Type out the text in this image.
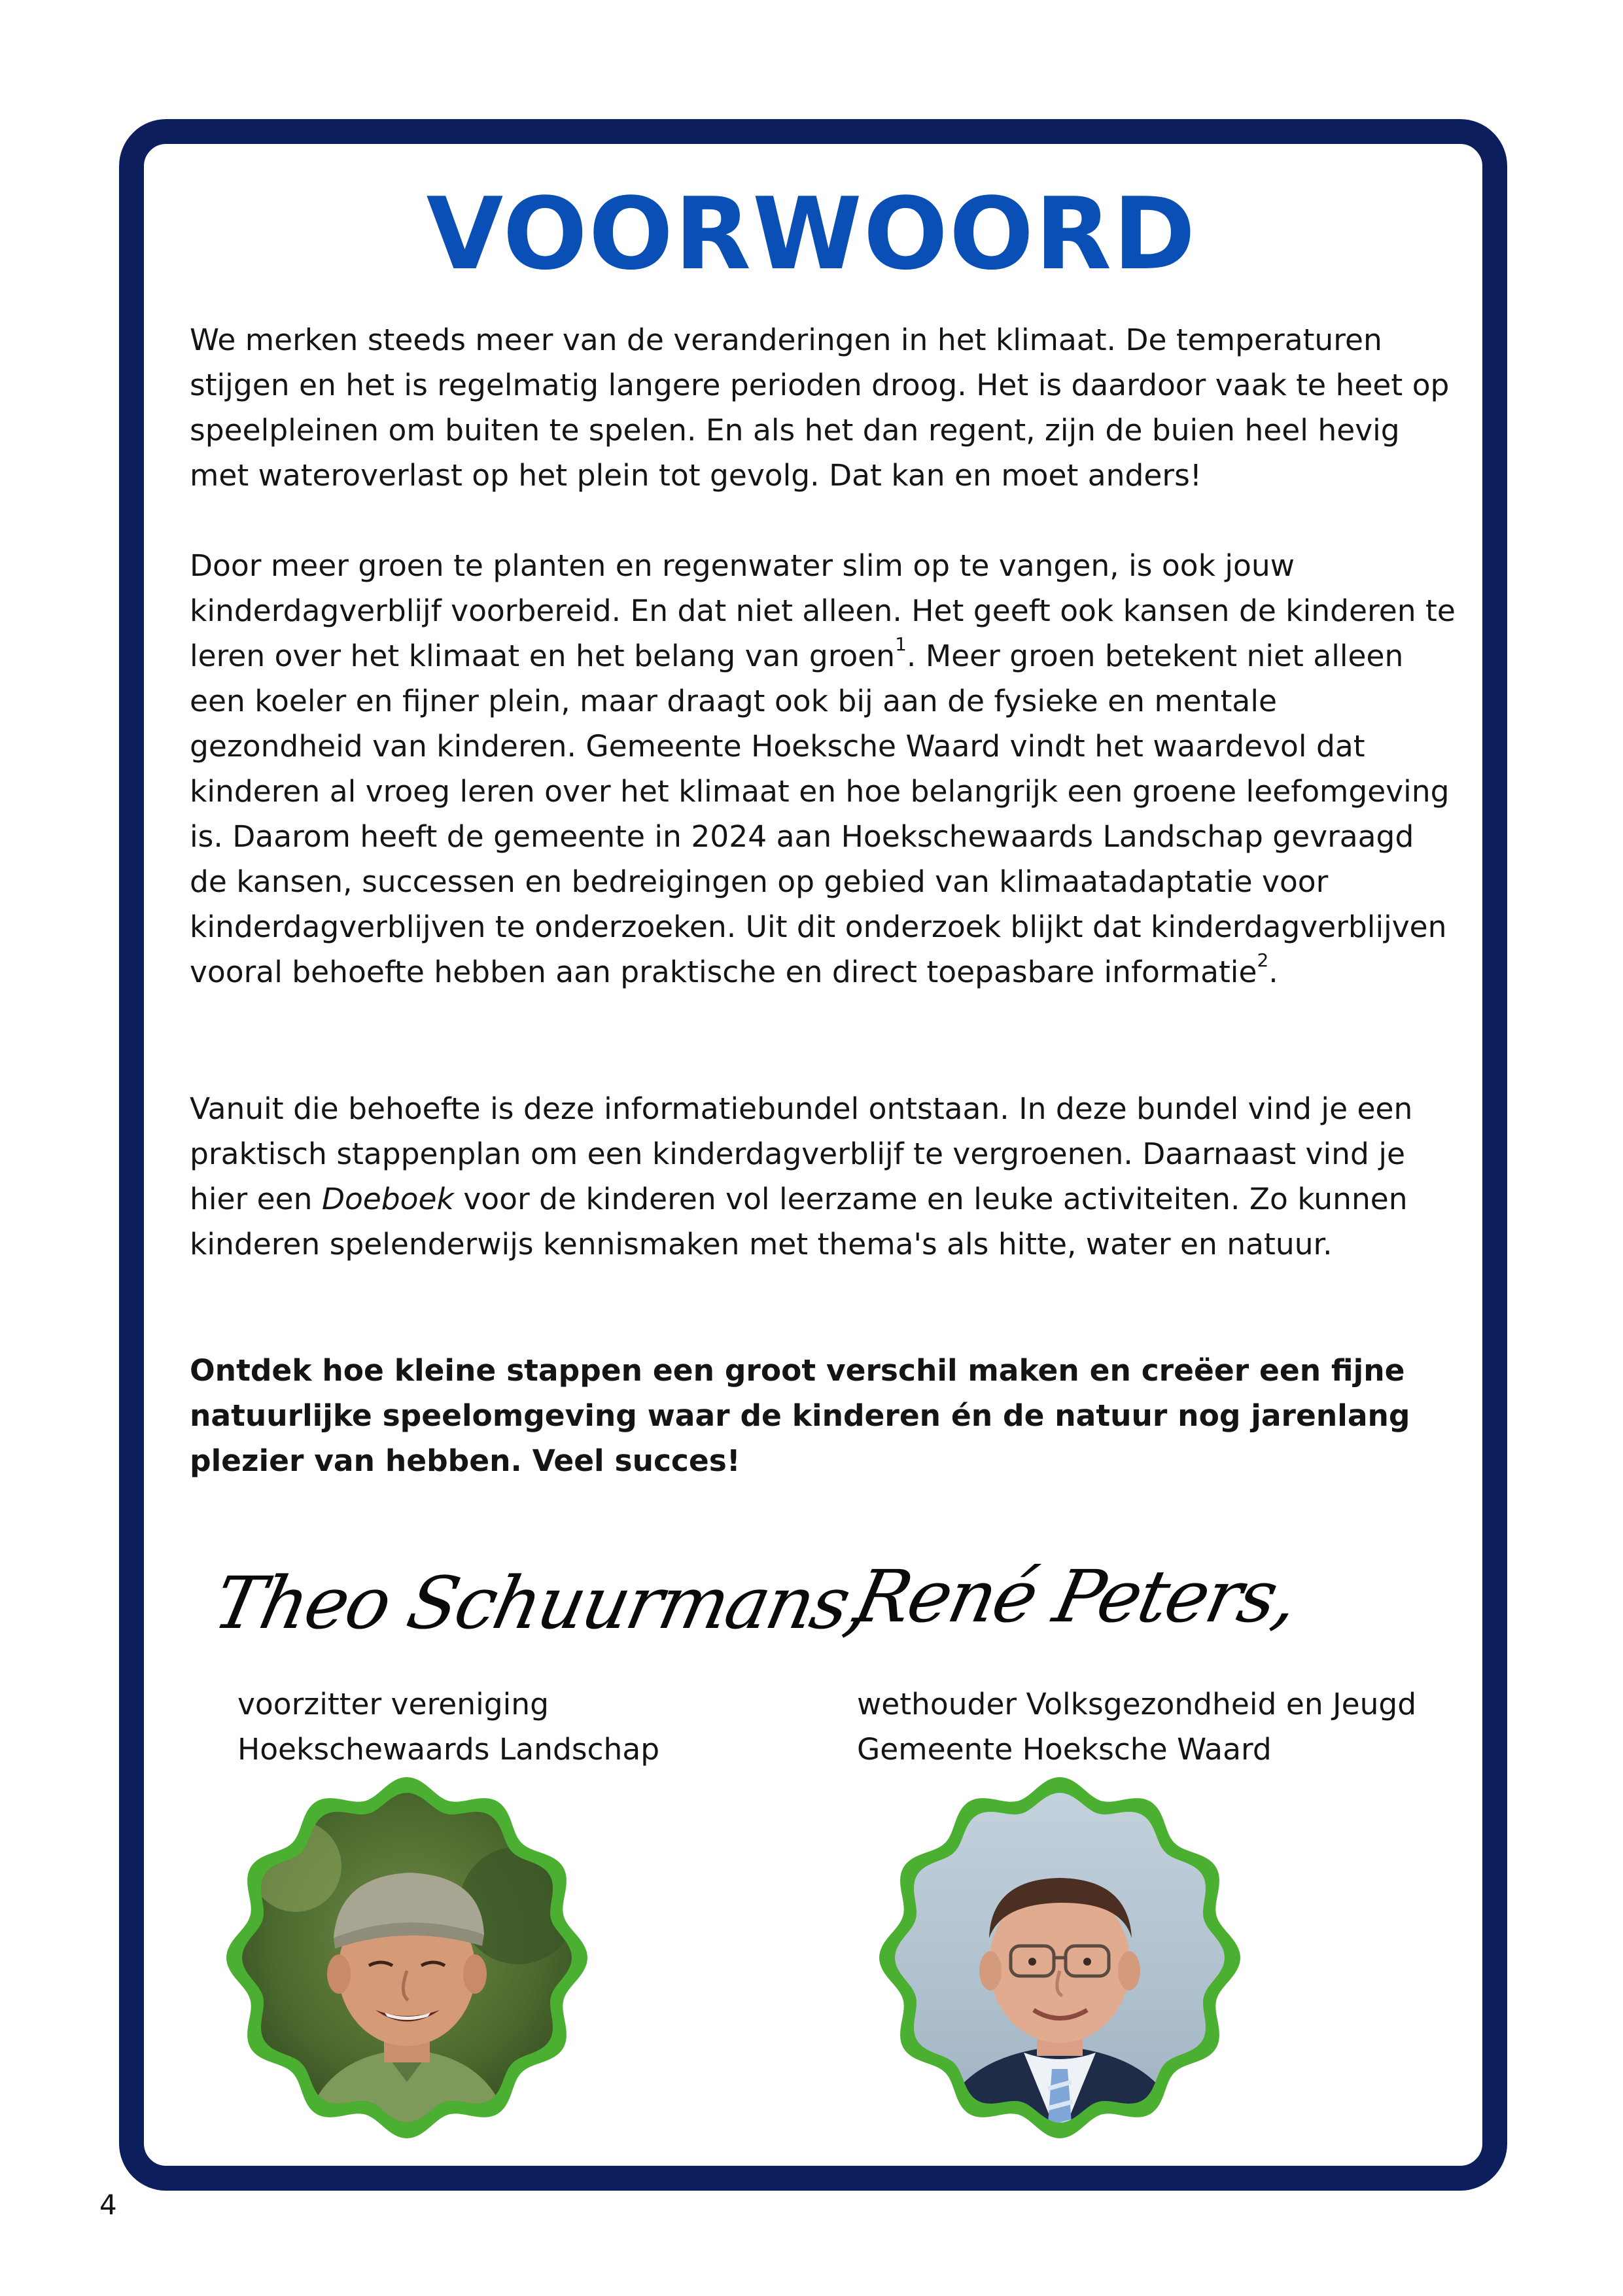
VOORWOORD

We merken steeds meer van de veranderingen in het klimaat. De temperaturen stijgen en het is regelmatig langere perioden droog. Het is daardoor vaak te heet op speelpleinen om buiten te spelen. En als het dan regent, zijn de buien heel hevig met wateroverlast op het plein tot gevolg. Dat kan en moet anders!

Door meer groen te planten en regenwater slim op te vangen, is ook jouw kinderdagverblijf voorbereid. En dat niet alleen. Het geeft ook kansen de kinderen te leren over het klimaat en het belang van groen$^1$. Meer groen betekent niet alleen een koeler en fijner plein, maar draagt ook bij aan de fysieke en mentale gezondheid van kinderen. Gemeente Hoeksche Waard vindt het waardevol dat kinderen al vroeg leren over het klimaat en hoe belangrijk een groene leefomgeving is. Daarom heeft de gemeente in 2024 aan Hoekschewaards Landschap gevraagd de kansen, successen en bedreigingen op gebied van klimaatadaptatie voor kinderdagverblijven te onderzoeken. Uit dit onderzoek blijkt dat kinderdagverblijven vooral behoefte hebben aan praktische en direct toepasbare informatie$^2$.

Vanuit die behoefte is deze informatiebundel ontstaan. In deze bundel vind je een praktisch stappenplan om een kinderdagverblijf te vergroenen. Daarnaast vind je hier een Doeboek voor de kinderen vol leerzame en leuke activiteiten. Zo kunnen kinderen spelenderwijs kennismaken met thema's als hitte, water en natuur.

Ontdek hoe kleine stappen een groot verschil maken en creëer een fijne natuurlijke speelomgeving waar de kinderen én de natuur nog jarenlang plezier van hebben. Veel succes!

Theo Schuurmans,
René Peters,
voorzitter vereniging
Hoekschewaards Landschap
wethouder Volksgezondheid en Jeugd
Gemeente Hoeksche Waard
4
